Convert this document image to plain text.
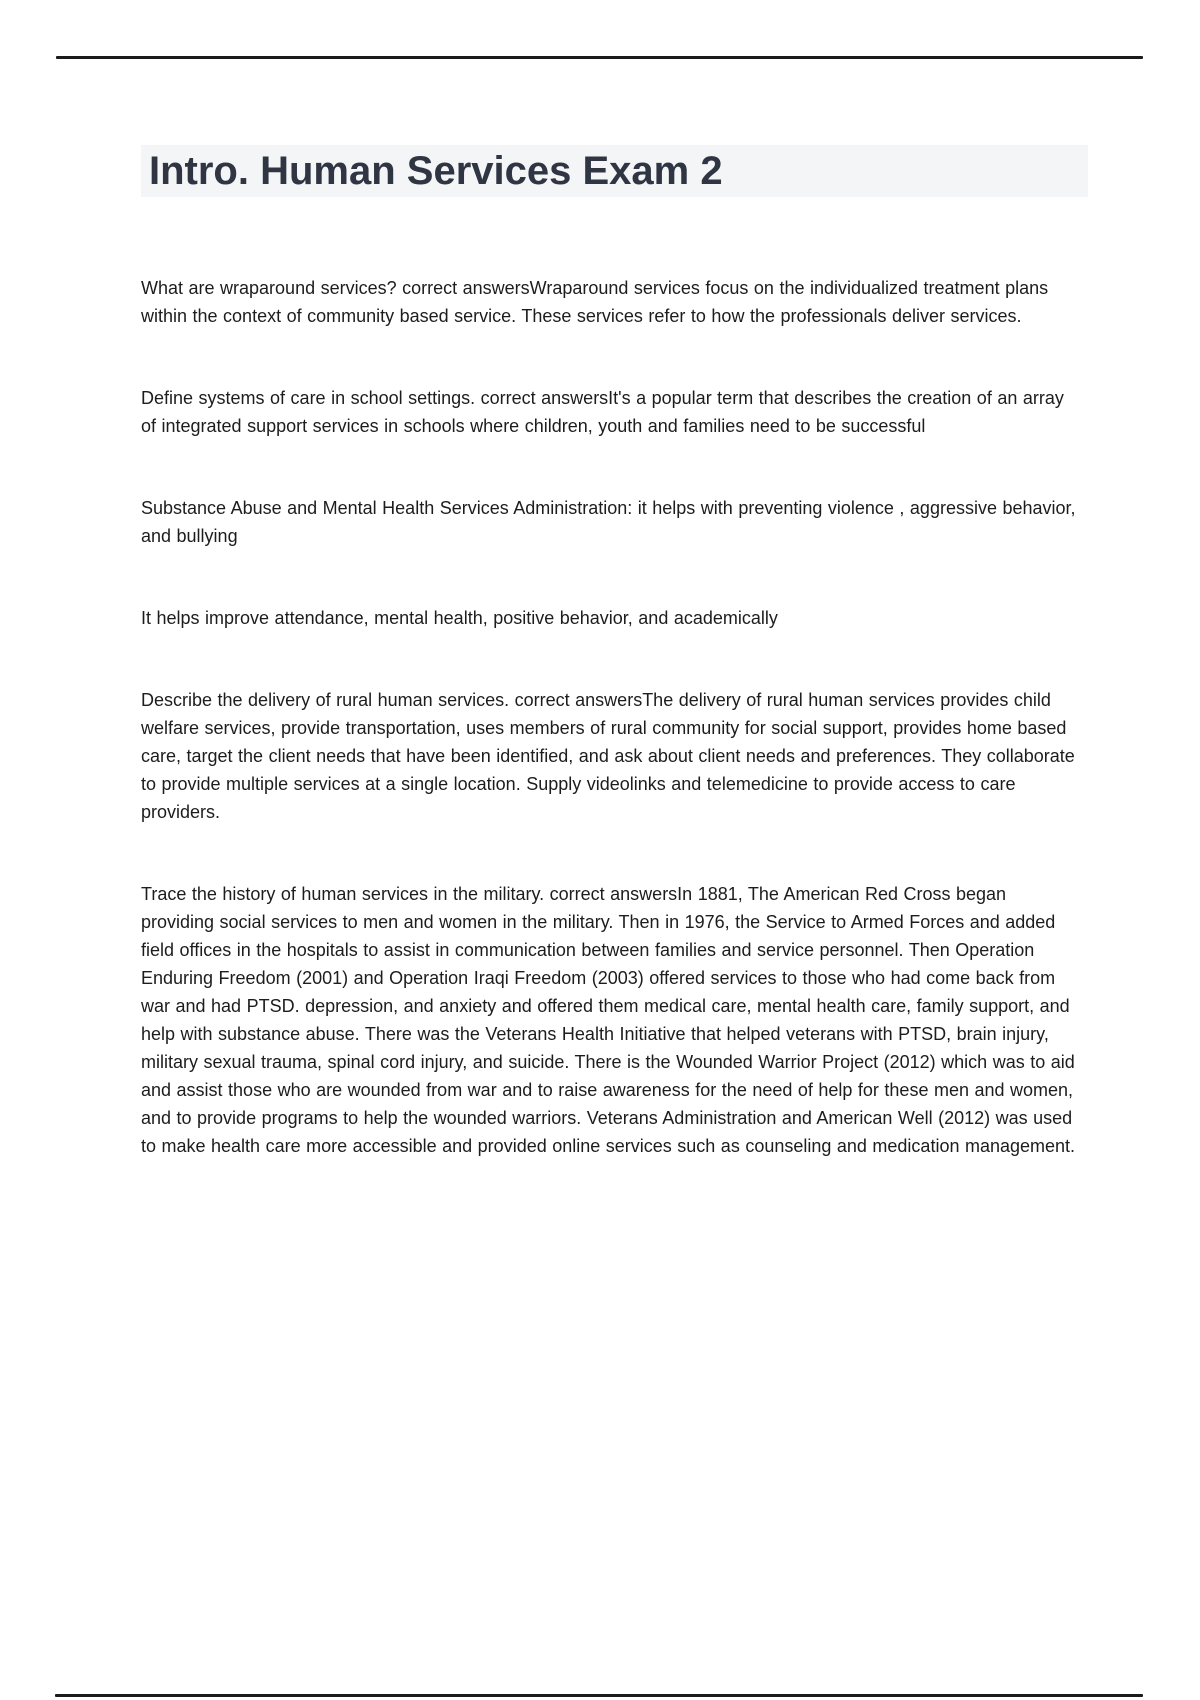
Intro. Human Services Exam 2

What are wraparound services? correct answersWraparound services focus on the individualized treatment plans within the context of community based service. These services refer to how the professionals deliver services.

Define systems of care in school settings. correct answersIt's a popular term that describes the creation of an array of integrated support services in schools where children, youth and families need to be successful

Substance Abuse and Mental Health Services Administration: it helps with preventing violence , aggressive behavior, and bullying

It helps improve attendance, mental health, positive behavior, and academically

Describe the delivery of rural human services. correct answersThe delivery of rural human services provides child welfare services, provide transportation, uses members of rural community for social support, provides home based care, target the client needs that have been identified, and ask about client needs and preferences. They collaborate to provide multiple services at a single location. Supply videolinks and telemedicine to provide access to care providers.

Trace the history of human services in the military. correct answersIn 1881, The American Red Cross began providing social services to men and women in the military. Then in 1976, the Service to Armed Forces and added field offices in the hospitals to assist in communication between families and service personnel. Then Operation Enduring Freedom (2001) and Operation Iraqi Freedom (2003) offered services to those who had come back from war and had PTSD. depression, and anxiety and offered them medical care, mental health care, family support, and help with substance abuse. There was the Veterans Health Initiative that helped veterans with PTSD, brain injury, military sexual trauma, spinal cord injury, and suicide. There is the Wounded Warrior Project (2012) which was to aid and assist those who are wounded from war and to raise awareness for the need of help for these men and women, and to provide programs to help the wounded warriors. Veterans Administration and American Well (2012) was used to make health care more accessible and provided online services such as counseling and medication management.
